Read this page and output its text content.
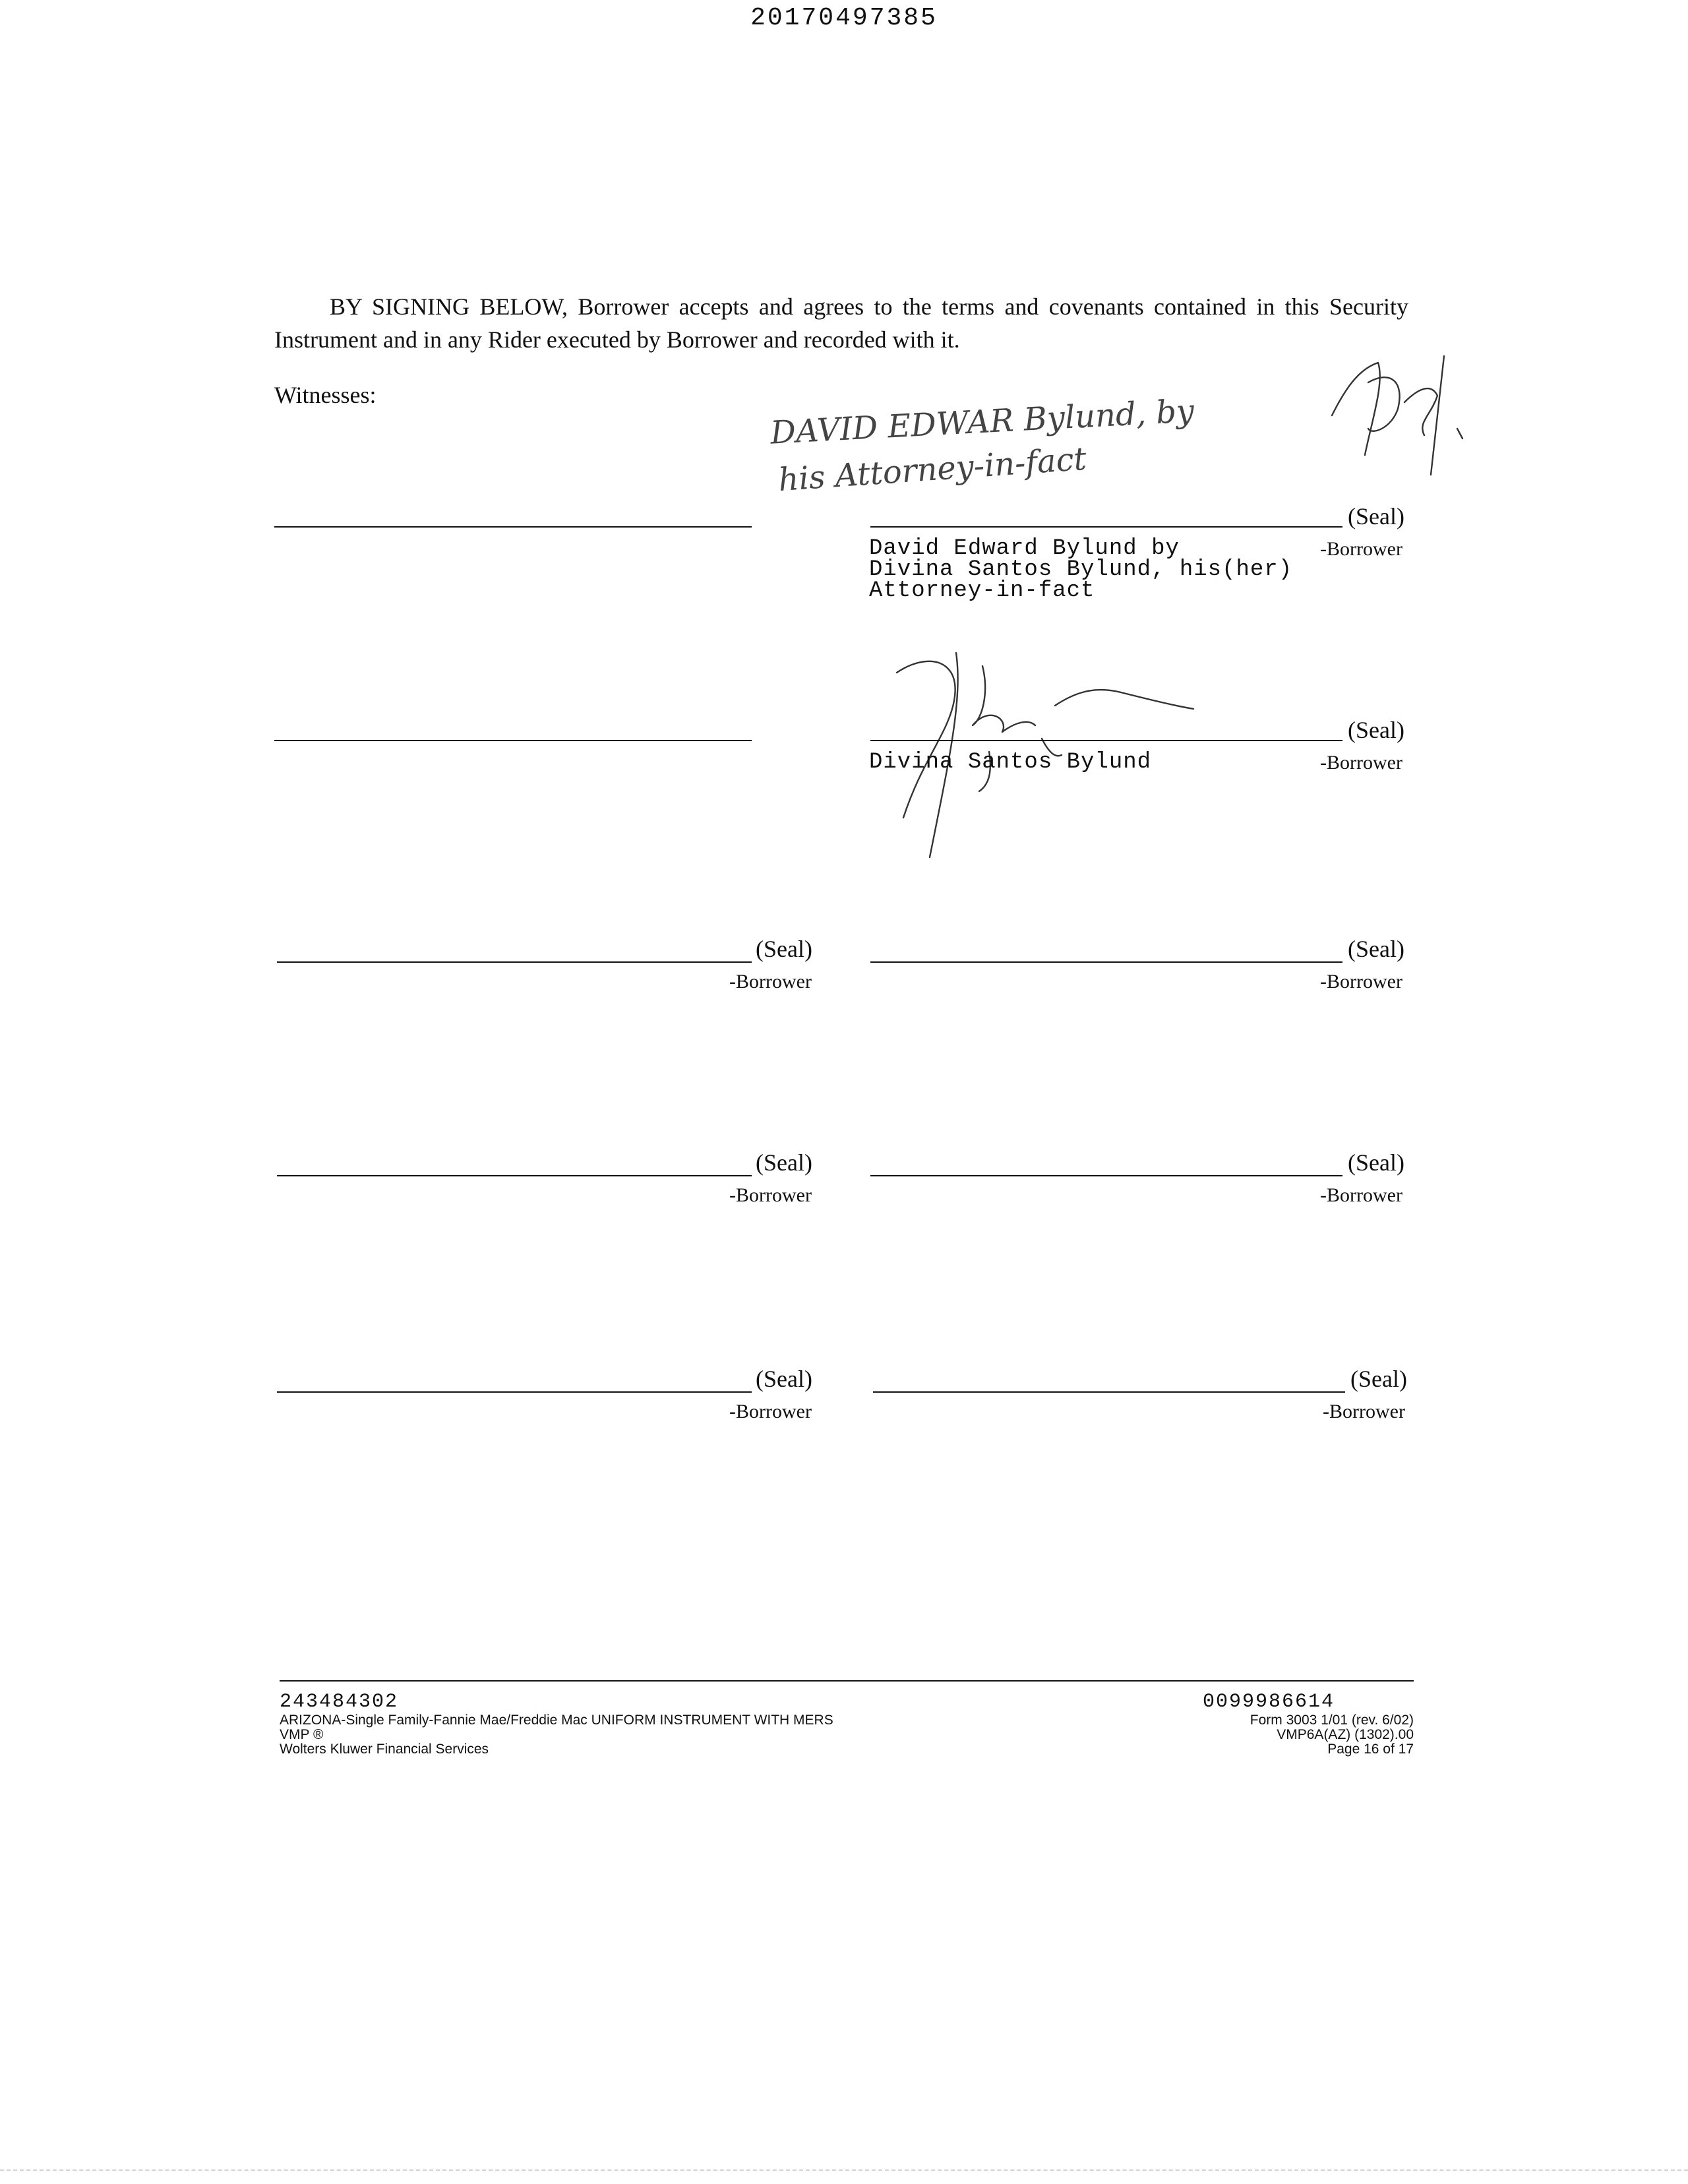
20170497385
BY SIGNING BELOW, Borrower accepts and agrees to the terms and covenants contained in this Security Instrument and in any Rider executed by Borrower and recorded with it.
Witnesses:	DAVID EDWAR Bylund, by
his Attorney-in-fact
(Seal)
-Borrower
David Edward Bylund by
Divina Santos Bylund, his(her)
Attorney-in-fact
(Seal)
-Borrower
Divina Santos Bylund
(Seal)
-Borrower
(Seal)
-Borrower
(Seal)
-Borrower
(Seal)
-Borrower
(Seal)
-Borrower
(Seal)
-Borrower
243484302
ARIZONA-Single Family-Fannie Mae/Freddie Mac UNIFORM INSTRUMENT WITH MERS
VMP ®
Wolters Kluwer Financial Services
0099986614
Form 3003 1/01 (rev. 6/02)
VMP6A(AZ) (1302).00
Page 16 of 17
